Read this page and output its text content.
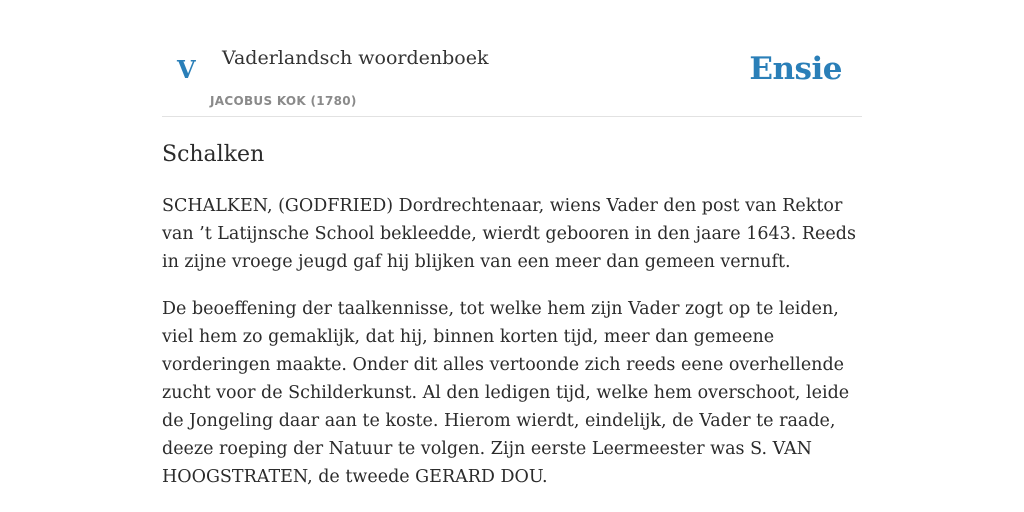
V Vaderlandsch woordenboek
JACOBUS KOK (1780)
Ensie
Schalken

SCHALKEN, (GODFRIED) Dordrechtenaar, wiens Vader den post van Rektor van ’t Latijnsche School bekleedde, wierdt gebooren in den jaare 1643. Reeds in zijne vroege jeugd gaf hij blijken van een meer dan gemeen vernuft.

De beoeffening der taalkennisse, tot welke hem zijn Vader zogt op te leiden, viel hem zo gemaklijk, dat hij, binnen korten tijd, meer dan gemeene vorderingen maakte. Onder dit alles vertoonde zich reeds eene overhellende zucht voor de Schilderkunst. Al den ledigen tijd, welke hem overschoot, leide de Jongeling daar aan te koste. Hierom wierdt, eindelijk, de Vader te raade, deeze roeping der Natuur te volgen. Zijn eerste Leermeester was S. VAN HOOGSTRATEN, de tweede GERARD DOU.
